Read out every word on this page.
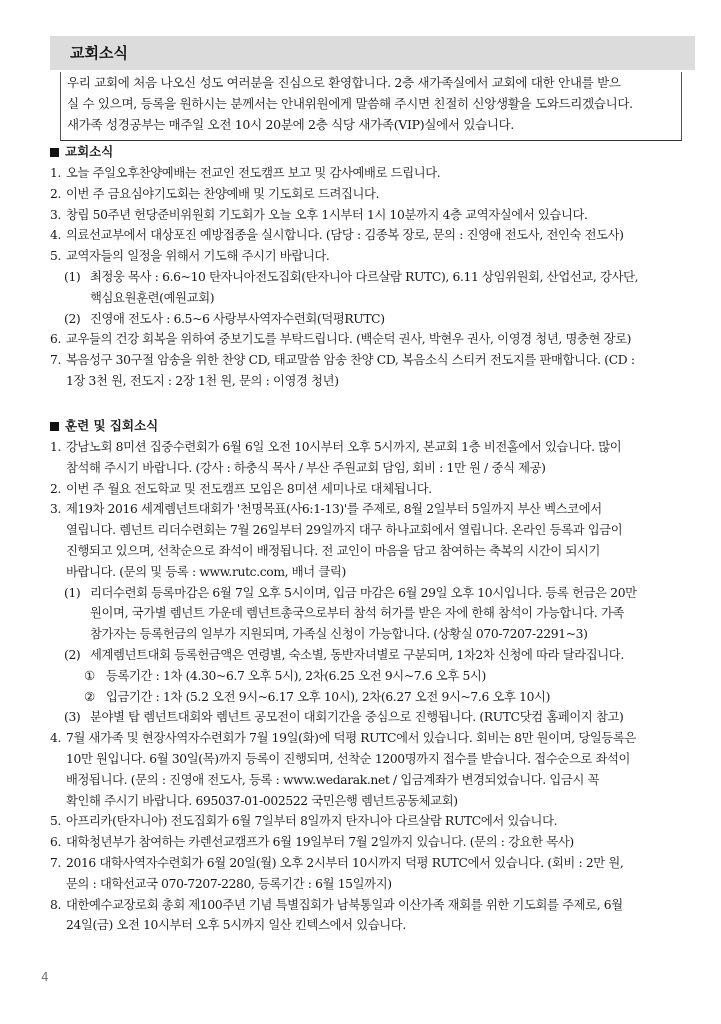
교회소식
우리 교회에 처음 나오신 성도 여러분을 진심으로 환영합니다. 2층 새가족실에서 교회에 대한 안내를 받으
실 수 있으며, 등록을 원하시는 분께서는 안내위원에게 말씀해 주시면 친절히 신앙생활을 도와드리겠습니다.
새가족 성경공부는 매주일 오전 10시 20분에 2층 식당 새가족(VIP)실에서 있습니다.
교회소식
1. 오늘 주일오후찬양예배는 전교인 전도캠프 보고 및 감사예배로 드립니다.
2. 이번 주 금요심야기도회는 찬양예배 및 기도회로 드려집니다.
3. 창립 50주년 헌당준비위원회 기도회가 오늘 오후 1시부터 1시 10분까지 4층 교역자실에서 있습니다.
4. 의료선교부에서 대상포진 예방접종을 실시합니다. (담당 : 김종복 장로, 문의 : 진영애 전도사, 전인숙 전도사)
5. 교역자들의 일정을 위해서 기도해 주시기 바랍니다.
(1) 최정웅 목사 : 6.6~10 탄자니아전도집회(탄자니아 다르살람 RUTC), 6.11 상임위원회, 산업선교, 강사단,
핵심요원훈련(예원교회)
(2) 진영애 전도사 : 6.5~6 사랑부사역자수련회(덕평RUTC)
6. 교우들의 건강 회복을 위하여 중보기도를 부탁드립니다. (백순덕 권사, 박현우 권사, 이영경 청년, 명충현 장로)
7. 복음성구 30구절 암송을 위한 찬양 CD, 태교말씀 암송 찬양 CD, 복음소식 스티커 전도지를 판매합니다. (CD :
1장 3천 원, 전도지 : 2장 1천 원, 문의 : 이영경 청년)
훈련 및 집회소식
1. 강남노회 8미션 집중수련회가 6월 6일 오전 10시부터 오후 5시까지, 본교회 1층 비전홀에서 있습니다. 많이
참석해 주시기 바랍니다. (강사 : 하충식 목사 / 부산 주원교회 담임, 회비 : 1만 원 / 중식 제공)
2. 이번 주 월요 전도학교 및 전도캠프 모임은 8미션 세미나로 대체됩니다.
3. 제19차 2016 세계렘넌트대회가 '천명목표(사6:1-13)'를 주제로, 8월 2일부터 5일까지 부산 벡스코에서
열립니다. 렘넌트 리더수련회는 7월 26일부터 29일까지 대구 하나교회에서 열립니다. 온라인 등록과 입금이
진행되고 있으며, 선착순으로 좌석이 배정됩니다. 전 교인이 마음을 담고 참여하는 축복의 시간이 되시기
바랍니다. (문의 및 등록 : www.rutc.com, 배너 클릭)
(1) 리더수련회 등록마감은 6월 7일 오후 5시이며, 입금 마감은 6월 29일 오후 10시입니다. 등록 헌금은 20만
원이며, 국가별 렘넌트 가운데 렘넌트총국으로부터 참석 허가를 받은 자에 한해 참석이 가능합니다. 가족
참가자는 등록헌금의 일부가 지원되며, 가족실 신청이 가능합니다. (상황실 070-7207-2291~3)
(2) 세계렘넌트대회 등록헌금액은 연령별, 숙소별, 동반자녀별로 구분되며, 1차2차 신청에 따라 달라집니다.
① 등록기간 : 1차 (4.30~6.7 오후 5시), 2차(6.25 오전 9시~7.6 오후 5시)
② 입금기간 : 1차 (5.2 오전 9시~6.17 오후 10시), 2차(6.27 오전 9시~7.6 오후 10시)
(3) 분야별 탑 렘넌트대회와 렘넌트 공모전이 대회기간을 중심으로 진행됩니다. (RUTC닷컴 홈페이지 참고)
4. 7월 새가족 및 현장사역자수련회가 7월 19일(화)에 덕평 RUTC에서 있습니다. 회비는 8만 원이며, 당일등록은
10만 원입니다. 6월 30일(목)까지 등록이 진행되며, 선착순 1200명까지 접수를 받습니다. 접수순으로 좌석이
배정됩니다. (문의 : 진영애 전도사, 등록 : www.wedarak.net / 입금계좌가 변경되었습니다. 입금시 꼭
확인해 주시기 바랍니다. 695037-01-002522 국민은행 렘넌트공동체교회)
5. 아프리카(탄자니아) 전도집회가 6월 7일부터 8일까지 탄자니아 다르살람 RUTC에서 있습니다.
6. 대학청년부가 참여하는 카렌선교캠프가 6월 19일부터 7월 2일까지 있습니다. (문의 : 강요한 목사)
7. 2016 대학사역자수련회가 6월 20일(월) 오후 2시부터 10시까지 덕평 RUTC에서 있습니다. (회비 : 2만 원,
문의 : 대학선교국 070-7207-2280, 등록기간 : 6월 15일까지)
8. 대한예수교장로회 총회 제100주년 기념 특별집회가 남북통일과 이산가족 재회를 위한 기도회를 주제로, 6월
24일(금) 오전 10시부터 오후 5시까지 일산 킨텍스에서 있습니다.
4
